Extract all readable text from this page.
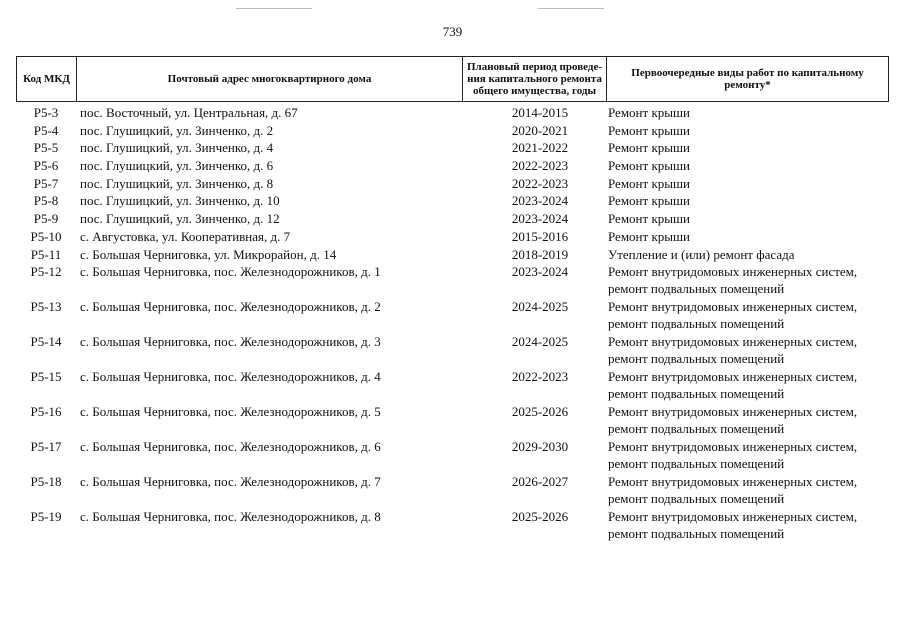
739
Код МКД	Почтовый адрес многоквартирного дома	Плановый период проведе- ния капитального ремонта общего имущества, годы	Первоочередные виды работ по капитальному ремонту*
Р5-3	пос. Восточный, ул. Центральная, д. 67	2014-2015	Ремонт крыши
Р5-4	пос. Глушицкий, ул. Зинченко, д. 2	2020-2021	Ремонт крыши
Р5-5	пос. Глушицкий, ул. Зинченко, д. 4	2021-2022	Ремонт крыши
Р5-6	пос. Глушицкий, ул. Зинченко, д. 6	2022-2023	Ремонт крыши
Р5-7	пос. Глушицкий, ул. Зинченко, д. 8	2022-2023	Ремонт крыши
Р5-8	пос. Глушицкий, ул. Зинченко, д. 10	2023-2024	Ремонт крыши
Р5-9	пос. Глушицкий, ул. Зинченко, д. 12	2023-2024	Ремонт крыши
Р5-10	с. Августовка, ул. Кооперативная, д. 7	2015-2016	Ремонт крыши
Р5-11	с. Большая Черниговка, ул. Микрорайон, д. 14	2018-2019	Утепление и (или) ремонт фасада
Р5-12	с. Большая Черниговка, пос. Железнодорожников, д. 1	2023-2024	Ремонт внутридомовых инженерных систем, ремонт подвальных помещений
Р5-13	с. Большая Черниговка, пос. Железнодорожников, д. 2	2024-2025	Ремонт внутридомовых инженерных систем, ремонт подвальных помещений
Р5-14	с. Большая Черниговка, пос. Железнодорожников, д. 3	2024-2025	Ремонт внутридомовых инженерных систем, ремонт подвальных помещений
Р5-15	с. Большая Черниговка, пос. Железнодорожников, д. 4	2022-2023	Ремонт внутридомовых инженерных систем, ремонт подвальных помещений
Р5-16	с. Большая Черниговка, пос. Железнодорожников, д. 5	2025-2026	Ремонт внутридомовых инженерных систем, ремонт подвальных помещений
Р5-17	с. Большая Черниговка, пос. Железнодорожников, д. 6	2029-2030	Ремонт внутридомовых инженерных систем, ремонт подвальных помещений
Р5-18	с. Большая Черниговка, пос. Железнодорожников, д. 7	2026-2027	Ремонт внутридомовых инженерных систем, ремонт подвальных помещений
Р5-19	с. Большая Черниговка, пос. Железнодорожников, д. 8	2025-2026	Ремонт внутридомовых инженерных систем, ремонт подвальных помещений
